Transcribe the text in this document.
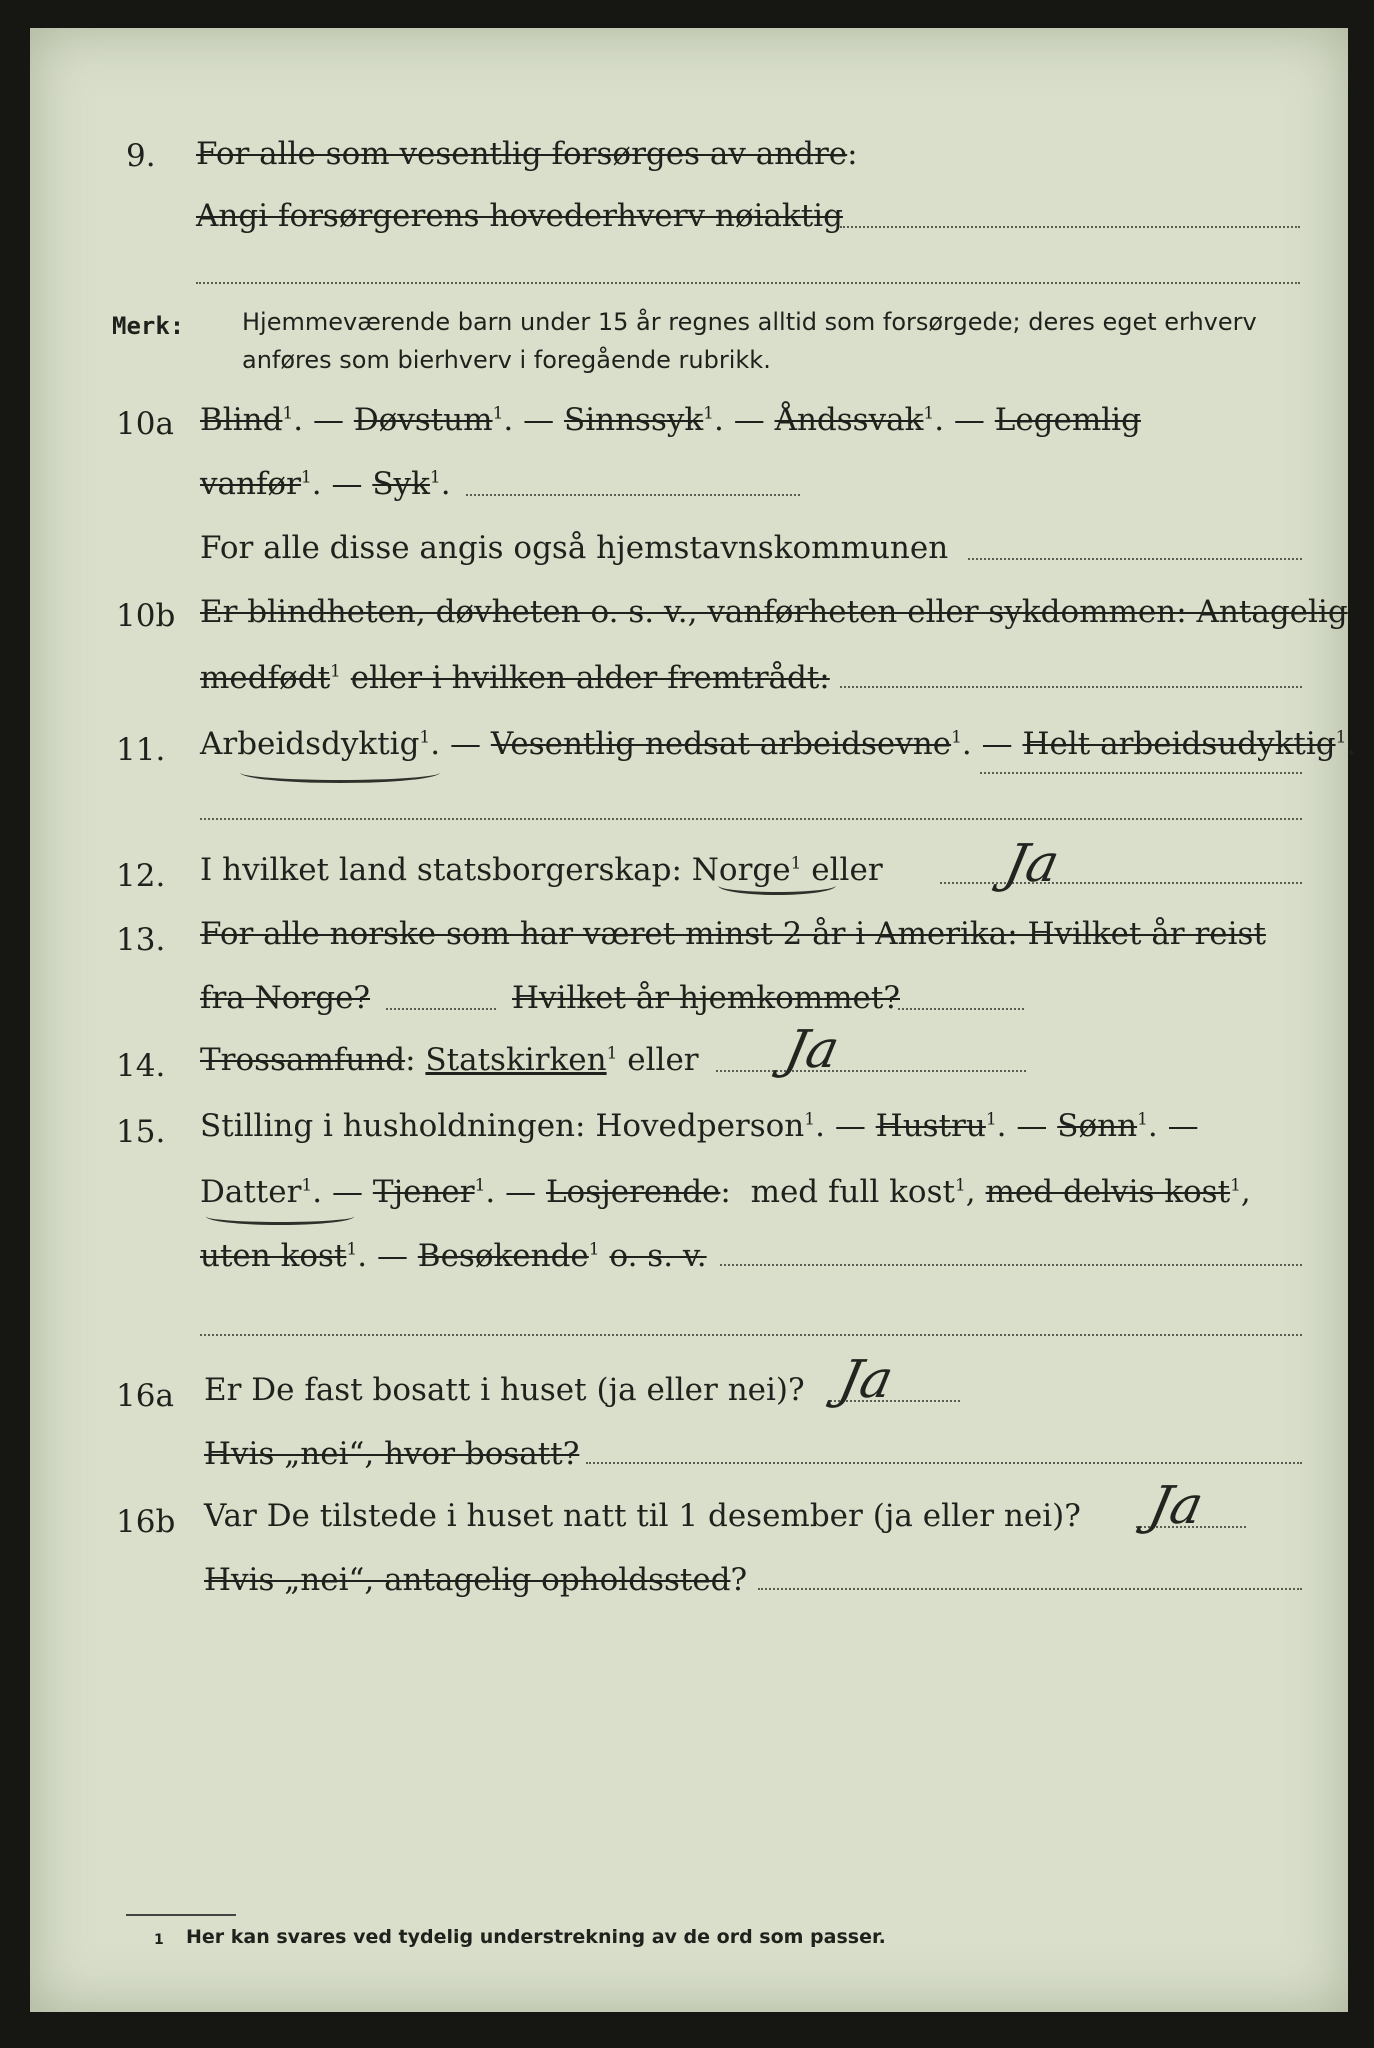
9. For alle som vesentlig forsørges av andre:
Angi forsørgerens hovederhverv nøiaktig
Merk: Hjemmeværende barn under 15 år regnes alltid som forsørgede; deres eget erhverv
anføres som bierhverv i foregående rubrikk.
10a Blind$^1$. — Døvstum$^1$. — Sinnssyk$^1$. — Åndssvak$^1$. — Legemlig
vanfør$^1$. — Syk$^1$.
For alle disse angis også hjemstavnskommunen
10b Er blindheten, døvheten o. s. v., vanførheten eller sykdommen: Antagelig
medfødt$^1$ eller i hvilken alder fremtrådt:
11. Arbeidsdyktig$^1$. — Vesentlig nedsat arbeidsevne$^1$. — Helt arbeidsudyktig$^1$.
12. I hvilket land statsborgerskap: Norge$^1$ eller Ja
13. For alle norske som har været minst 2 år i Amerika: Hvilket år reist
fra Norge?	Hvilket år hjemkommet?
14. Trossamfund: Statskirken$^1$ eller Ja
15. Stilling i husholdningen: Hovedperson$^1$. — Hustru$^1$. — Sønn$^1$. —
Datter$^1$. — Tjener$^1$. — Losjerende:  med full kost$^1$, med delvis kost$^1$,
uten kost$^1$. — Besøkende$^1$ o. s. v.
16a Er De fast bosatt i huset (ja eller nei)? Ja
Hvis „nei“, hvor bosatt?
16b Var De tilstede i huset natt til 1 desember (ja eller nei)? Ja
Hvis „nei“, antagelig opholdssted?
1 Her kan svares ved tydelig understrekning av de ord som passer.
